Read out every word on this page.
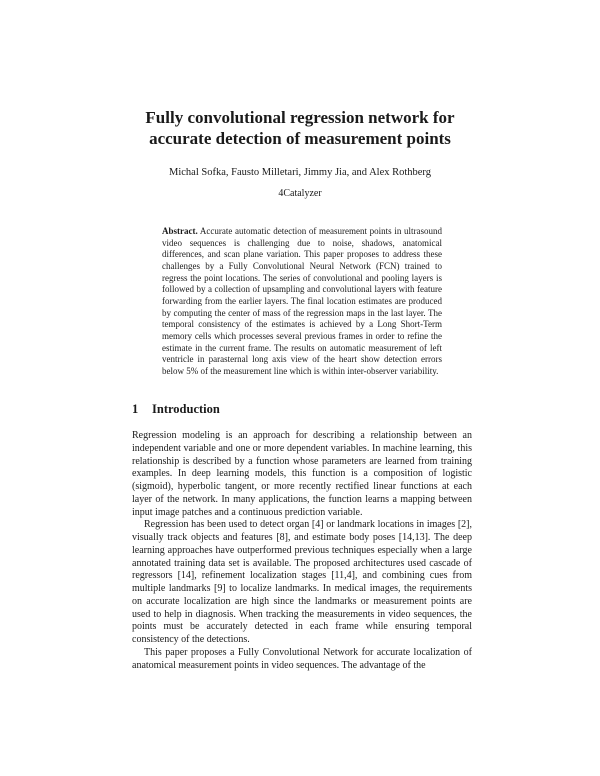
Fully convolutional regression network for
accurate detection of measurement points
Michal Sofka, Fausto Milletari, Jimmy Jia, and Alex Rothberg
4Catalyzer

Abstract. Accurate automatic detection of measurement points in ultrasound video sequences is challenging due to noise, shadows, anatomical differences, and scan plane variation. This paper proposes to address these challenges by a Fully Convolutional Neural Network (FCN) trained to regress the point locations. The series of convolutional and pooling layers is followed by a collection of upsampling and convolutional layers with feature forwarding from the earlier layers. The final location estimates are produced by computing the center of mass of the regression maps in the last layer. The temporal consistency of the estimates is achieved by a Long Short-Term memory cells which processes several previous frames in order to refine the estimate in the current frame. The results on automatic measurement of left ventricle in parasternal long axis view of the heart show detection errors below 5% of the measurement line which is within inter-observer variability.

1 Introduction

Regression modeling is an approach for describing a relationship between an independent variable and one or more dependent variables. In machine learning, this relationship is described by a function whose parameters are learned from training examples. In deep learning models, this function is a composition of logistic (sigmoid), hyperbolic tangent, or more recently rectified linear functions at each layer of the network. In many applications, the function learns a mapping between input image patches and a continuous prediction variable.

Regression has been used to detect organ [4] or landmark locations in images [2], visually track objects and features [8], and estimate body poses [14,13]. The deep learning approaches have outperformed previous techniques especially when a large annotated training data set is available. The proposed architectures used cascade of regressors [14], refinement localization stages [11,4], and combining cues from multiple landmarks [9] to localize landmarks. In medical images, the requirements on accurate localization are high since the landmarks or measurement points are used to help in diagnosis. When tracking the measurements in video sequences, the points must be accurately detected in each frame while ensuring temporal consistency of the detections.

This paper proposes a Fully Convolutional Network for accurate localization of anatomical measurement points in video sequences. The advantage of the
